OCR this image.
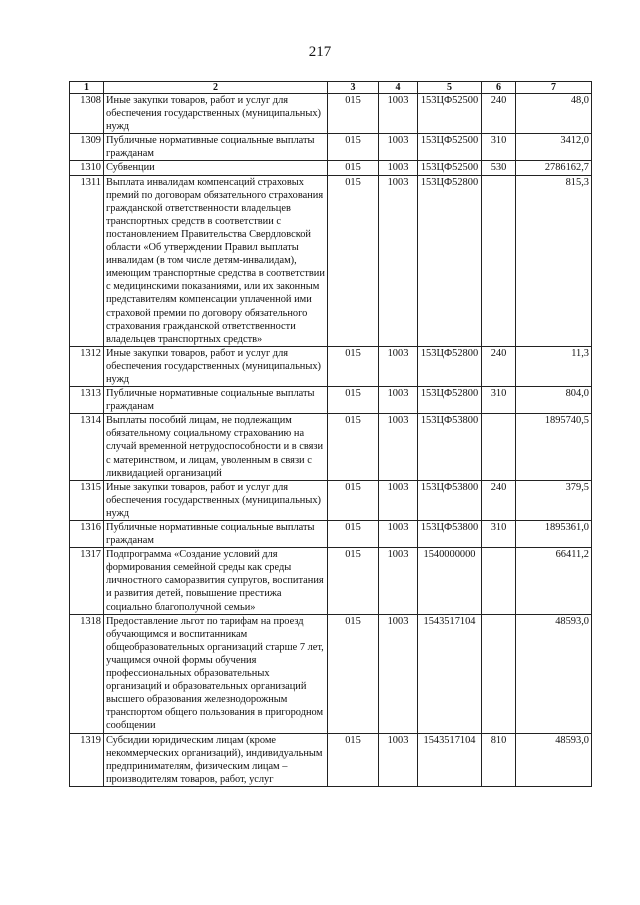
217
1	2	3	4	5	6	7
1308	Иные закупки товаров, работ и услуг для обеспечения государственных (муниципальных) нужд	015	1003	153ЦФ52500	240	48,0
1309	Публичные нормативные социальные выплаты гражданам	015	1003	153ЦФ52500	310	3412,0
1310	Субвенции	015	1003	153ЦФ52500	530	2786162,7
1311	Выплата инвалидам компенсаций страховых премий по договорам обязательного страхования гражданской ответственности владельцев транспортных средств в соответствии с постановлением Правительства Свердловской области «Об утверждении Правил выплаты инвалидам (в том числе детям-инвалидам), имеющим транспортные средства в соответствии с медицинскими показаниями, или их законным представителям компенсации уплаченной ими страховой премии по договору обязательного страхования гражданской ответственности владельцев транспортных средств»	015	1003	153ЦФ52800		815,3
1312	Иные закупки товаров, работ и услуг для обеспечения государственных (муниципальных) нужд	015	1003	153ЦФ52800	240	11,3
1313	Публичные нормативные социальные выплаты гражданам	015	1003	153ЦФ52800	310	804,0
1314	Выплаты пособий лицам, не подлежащим обязательному социальному страхованию на случай временной нетрудоспособности и в связи с материнством, и лицам, уволенным в связи с ликвидацией организаций	015	1003	153ЦФ53800		1895740,5
1315	Иные закупки товаров, работ и услуг для обеспечения государственных (муниципальных) нужд	015	1003	153ЦФ53800	240	379,5
1316	Публичные нормативные социальные выплаты гражданам	015	1003	153ЦФ53800	310	1895361,0
1317	Подпрограмма «Создание условий для формирования семейной среды как среды личностного саморазвития супругов, воспитания и развития детей, повышение престижа социально благополучной семьи»	015	1003	1540000000		66411,2
1318	Предоставление льгот по тарифам на проезд обучающимся и воспитанникам общеобразовательных организаций старше 7 лет, учащимся очной формы обучения профессиональных образовательных организаций и образовательных организаций высшего образования железнодорожным транспортом общего пользования в пригородном сообщении	015	1003	1543517104		48593,0
1319	Субсидии юридическим лицам (кроме некоммерческих организаций), индивидуальным предпринимателям, физическим лицам – производителям товаров, работ, услуг	015	1003	1543517104	810	48593,0
